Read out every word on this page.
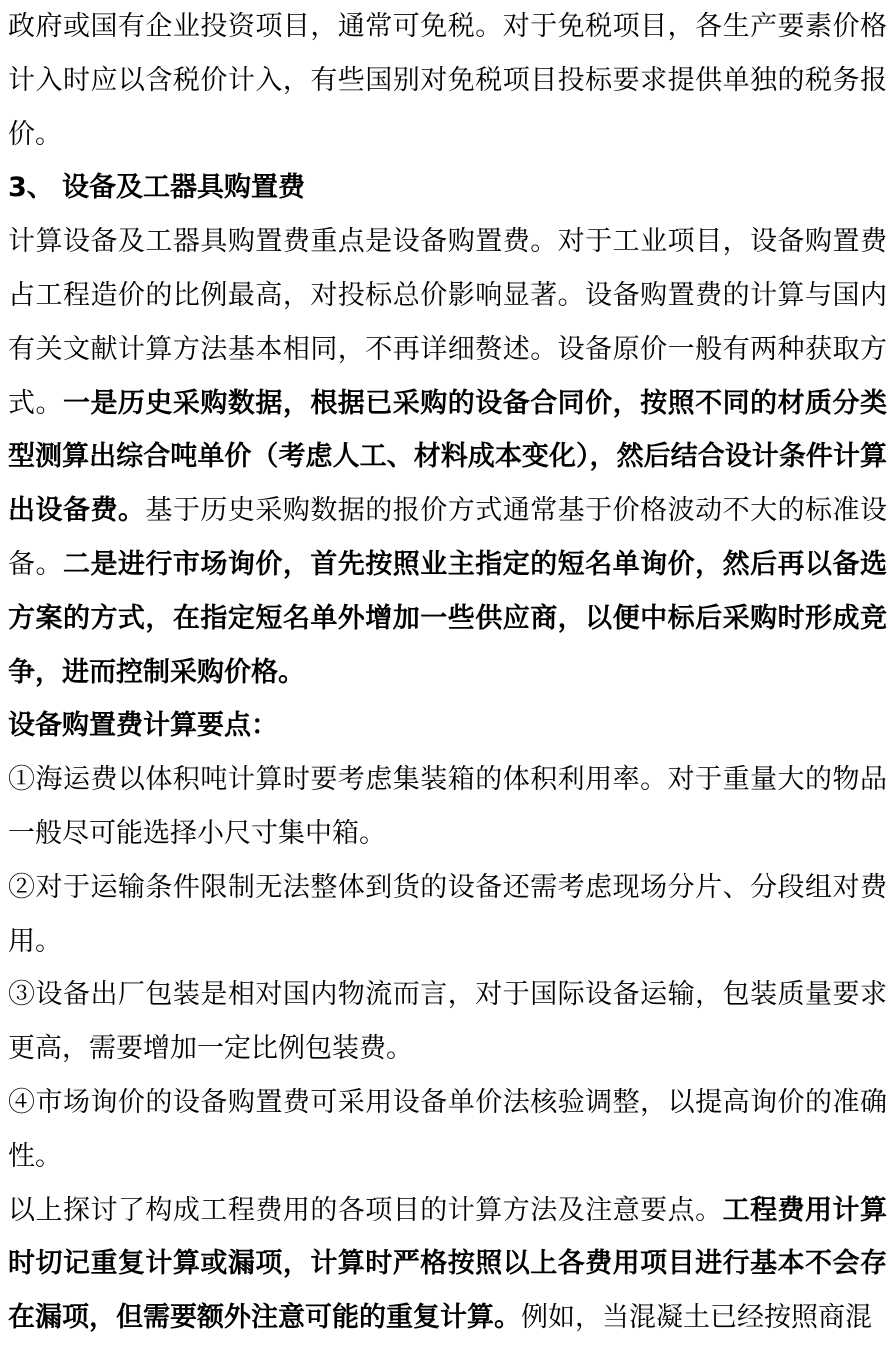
政府或国有企业投资项目，通常可免税。对于免税项目，各生产要素价格计入时应以含税价计入，有些国别对免税项目投标要求提供单独的税务报价。

3、 设备及工器具购置费

计算设备及工器具购置费重点是设备购置费。对于工业项目，设备购置费占工程造价的比例最高，对投标总价影响显著。设备购置费的计算与国内有关文献计算方法基本相同，不再详细赘述。设备原价一般有两种获取方式。一是历史采购数据，根据已采购的设备合同价，按照不同的材质分类型测算出综合吨单价（考虑人工、材料成本变化），然后结合设计条件计算出设备费。基于历史采购数据的报价方式通常基于价格波动不大的标准设备。二是进行市场询价，首先按照业主指定的短名单询价，然后再以备选方案的方式，在指定短名单外增加一些供应商，以便中标后采购时形成竞争，进而控制采购价格。

设备购置费计算要点：

①海运费以体积吨计算时要考虑集装箱的体积利用率。对于重量大的物品一般尽可能选择小尺寸集中箱。

②对于运输条件限制无法整体到货的设备还需考虑现场分片、分段组对费用。

③设备出厂包装是相对国内物流而言，对于国际设备运输，包装质量要求更高，需要增加一定比例包装费。

④市场询价的设备购置费可采用设备单价法核验调整，以提高询价的准确性。

以上探讨了构成工程费用的各项目的计算方法及注意要点。工程费用计算时切记重复计算或漏项，计算时严格按照以上各费用项目进行基本不会存在漏项，但需要额外注意可能的重复计算。例如，当混凝土已经按照商混
